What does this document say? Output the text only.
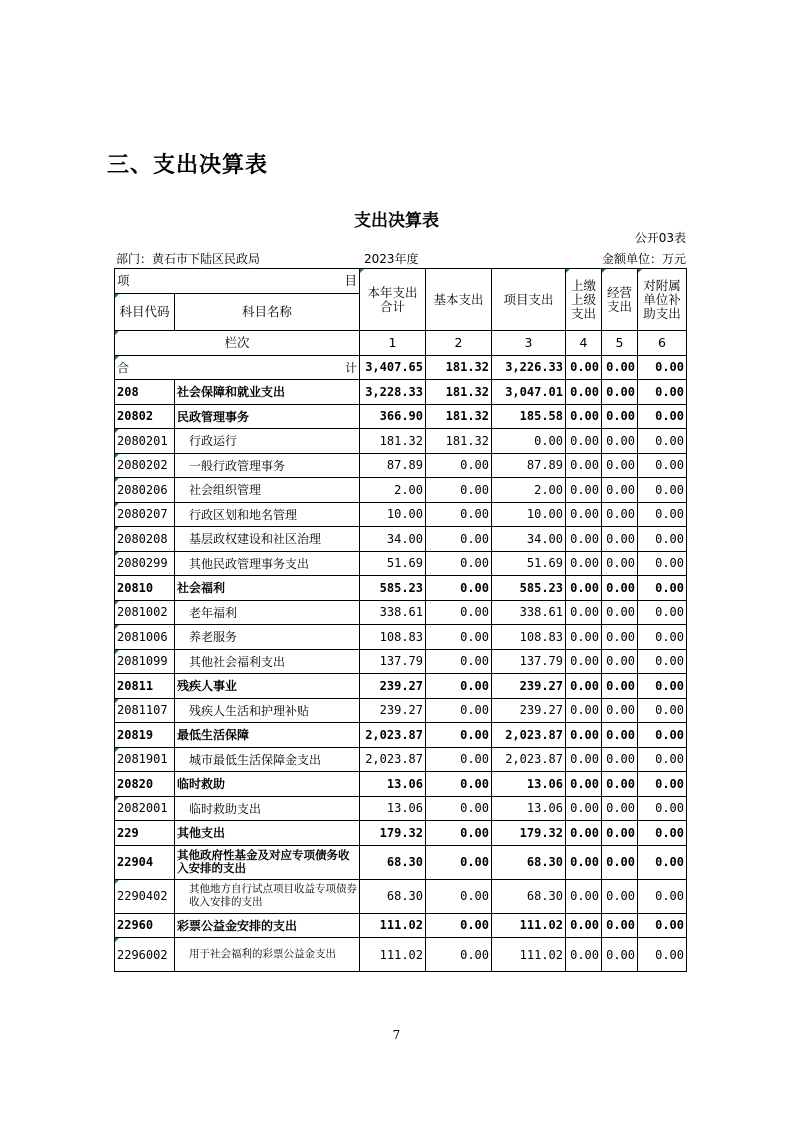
三、支出决算表
支出决算表
公开03表
部门：黄石市下陆区民政局	2023年度	金额单位：万元
项 目		本年支出合计	基本支出	项目支出	上缴上级支出	经营支出	对附属单位补助支出
科目代码	科目名称						
栏次		1	2	3	4	5	6

合 计		3,407.65	181.32	3,226.33	0.00	0.00	0.00
208	社会保障和就业支出	3,228.33	181.32	3,047.01	0.00	0.00	0.00
20802	民政管理事务	366.90	181.32	185.58	0.00	0.00	0.00
2080201	行政运行	181.32	181.32	0.00	0.00	0.00	0.00
2080202	一般行政管理事务	87.89	0.00	87.89	0.00	0.00	0.00
2080206	社会组织管理	2.00	0.00	2.00	0.00	0.00	0.00
2080207	行政区划和地名管理	10.00	0.00	10.00	0.00	0.00	0.00
2080208	基层政权建设和社区治理	34.00	0.00	34.00	0.00	0.00	0.00
2080299	其他民政管理事务支出	51.69	0.00	51.69	0.00	0.00	0.00
20810	社会福利	585.23	0.00	585.23	0.00	0.00	0.00
2081002	老年福利	338.61	0.00	338.61	0.00	0.00	0.00
2081006	养老服务	108.83	0.00	108.83	0.00	0.00	0.00
2081099	其他社会福利支出	137.79	0.00	137.79	0.00	0.00	0.00
20811	残疾人事业	239.27	0.00	239.27	0.00	0.00	0.00
2081107	残疾人生活和护理补贴	239.27	0.00	239.27	0.00	0.00	0.00
20819	最低生活保障	2,023.87	0.00	2,023.87	0.00	0.00	0.00
2081901	城市最低生活保障金支出	2,023.87	0.00	2,023.87	0.00	0.00	0.00
20820	临时救助	13.06	0.00	13.06	0.00	0.00	0.00
2082001	临时救助支出	13.06	0.00	13.06	0.00	0.00	0.00
229	其他支出	179.32	0.00	179.32	0.00	0.00	0.00
22904	其他政府性基金及对应专项债务收入安排的支出	68.30	0.00	68.30	0.00	0.00	0.00
2290402	其他地方自行试点项目收益专项债券收入安排的支出	68.30	0.00	68.30	0.00	0.00	0.00
22960	彩票公益金安排的支出	111.02	0.00	111.02	0.00	0.00	0.00
2296002	用于社会福利的彩票公益金支出	111.02	0.00	111.02	0.00	0.00	0.00
7
